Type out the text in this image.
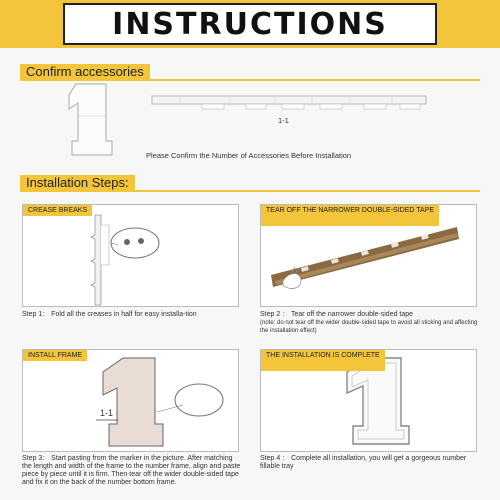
INSTRUCTIONS
Confirm accessories
1-1
Please Confirm the Number of Accessories Before Installation
Installation Steps:
CREASE BREAKS
Step 1： Fold all the creases in half for easy installa-tion
TEAR OFF THE NARROWER DOUBLE-SIDED TAPE
Step 2 ： Tear off the narrower double-sided tape
(note: do not tear off the wider double-sided tape to avoid all sticking and affecting the installation effect)
INSTALL FRAME
1-1
Step 3： Start pasting from the marker in the picture. After matching the length and width of the frame to the number frame, align and paste piece by piece until it is firm. Then tear off the wider double-sided tape and fix it on the back of the number bottom frame.
THE INSTALLATION IS COMPLETE
Step 4 ： Complete all installation, you will get a gorgeous number fillable tray
